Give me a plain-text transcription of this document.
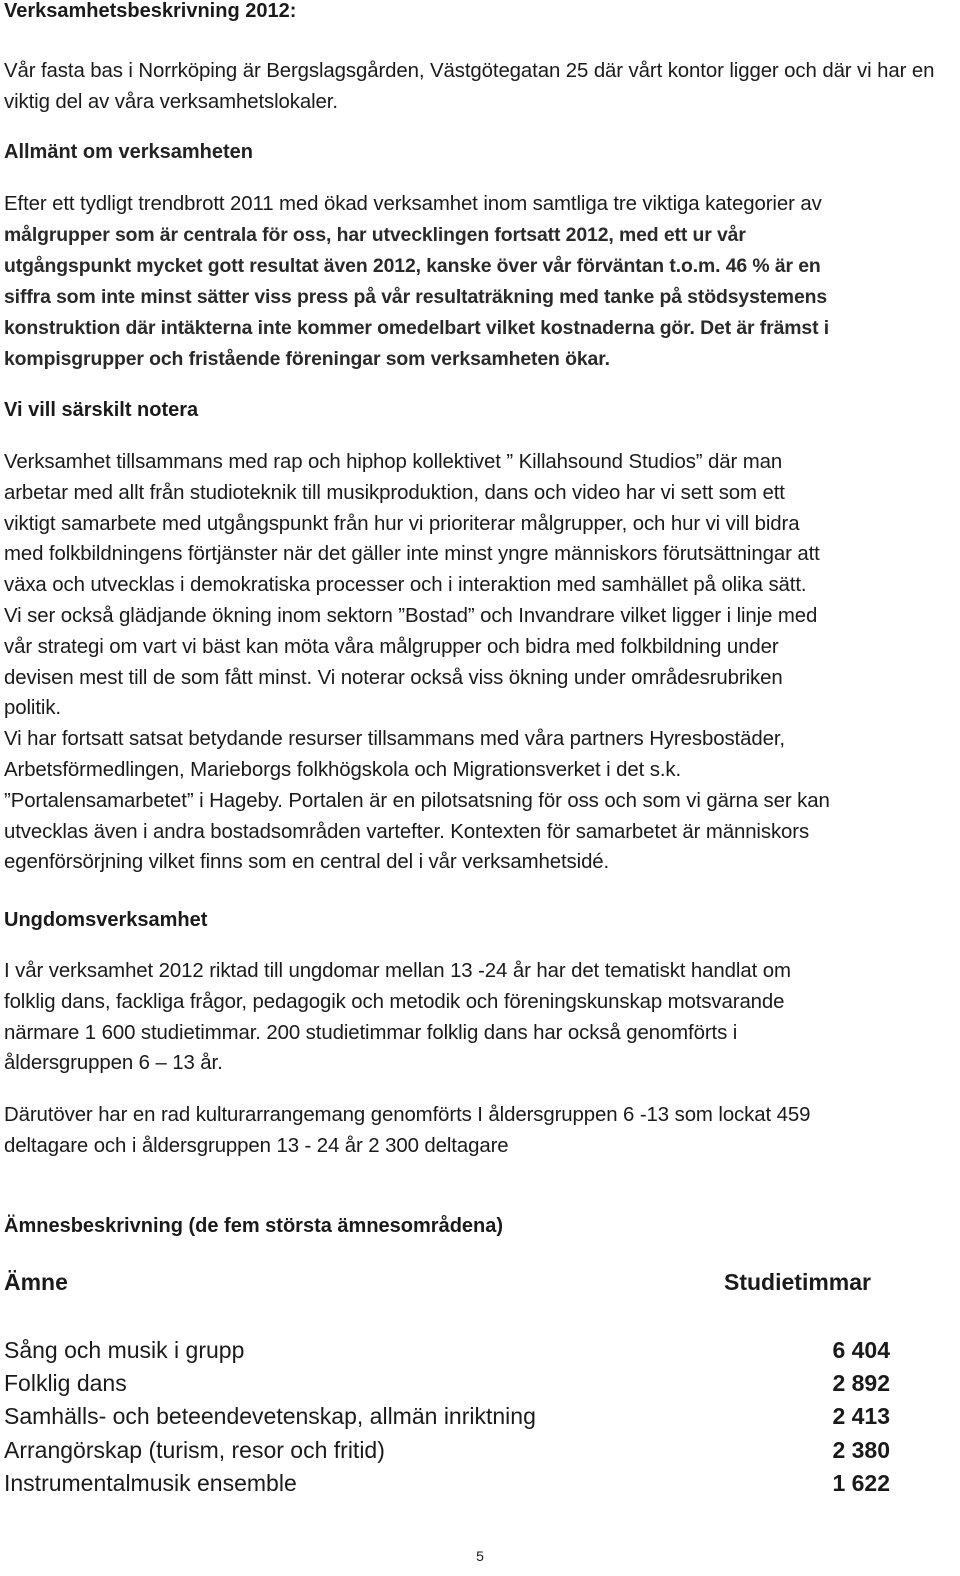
Verksamhetsbeskrivning 2012:

Vår fasta bas i Norrköping är Bergslagsgården, Västgötegatan 25 där vårt kontor ligger och där vi har en viktig del av våra verksamhetslokaler.

Allmänt om verksamheten
Efter ett tydligt trendbrott 2011 med ökad verksamhet inom samtliga tre viktiga kategorier av
målgrupper som är centrala för oss, har utvecklingen fortsatt 2012, med ett ur vår
utgångspunkt mycket gott resultat även 2012, kanske över vår förväntan t.o.m. 46 % är en
siffra som inte minst sätter viss press på vår resultaträkning med tanke på stödsystemens
konstruktion där intäkterna inte kommer omedelbart vilket kostnaderna gör. Det är främst i
kompisgrupper och fristående föreningar som verksamheten ökar.
Vi vill särskilt notera
Verksamhet tillsammans med rap och hiphop kollektivet ” Killahsound Studios” där man
arbetar med allt från studioteknik till musikproduktion, dans och video har vi sett som ett
viktigt samarbete med utgångspunkt från hur vi prioriterar målgrupper, och hur vi vill bidra
med folkbildningens förtjänster när det gäller inte minst yngre människors förutsättningar att
växa och utvecklas i demokratiska processer och i interaktion med samhället på olika sätt.
Vi ser också glädjande ökning inom sektorn ”Bostad” och Invandrare vilket ligger i linje med
vår strategi om vart vi bäst kan möta våra målgrupper och bidra med folkbildning under
devisen mest till de som fått minst. Vi noterar också viss ökning under områdesrubriken
politik.
Vi har fortsatt satsat betydande resurser tillsammans med våra partners Hyresbostäder,
Arbetsförmedlingen, Marieborgs folkhögskola och Migrationsverket i det s.k.
”Portalensamarbetet” i Hageby. Portalen är en pilotsatsning för oss och som vi gärna ser kan
utvecklas även i andra bostadsområden vartefter. Kontexten för samarbetet är människors
egenförsörjning vilket finns som en central del i vår verksamhetsidé.
Ungdomsverksamhet
I vår verksamhet 2012 riktad till ungdomar mellan 13 -24 år har det tematiskt handlat om
folklig dans, fackliga frågor, pedagogik och metodik och föreningskunskap motsvarande
närmare 1 600 studietimmar. 200 studietimmar folklig dans har också genomförts i
åldersgruppen 6 – 13 år.
Därutöver har en rad kulturarrangemang genomförts I åldersgruppen 6 -13 som lockat 459
deltagare och i åldersgruppen 13 - 24 år 2 300 deltagare
Ämnesbeskrivning (de fem största ämnesområdena)
Ämne	Studietimmar

Sång och musik i grupp	6 404
Folklig dans	2 892
Samhälls- och beteendevetenskap, allmän inriktning	2 413
Arrangörskap (turism, resor och fritid)	2 380
Instrumentalmusik ensemble	1 622
5
